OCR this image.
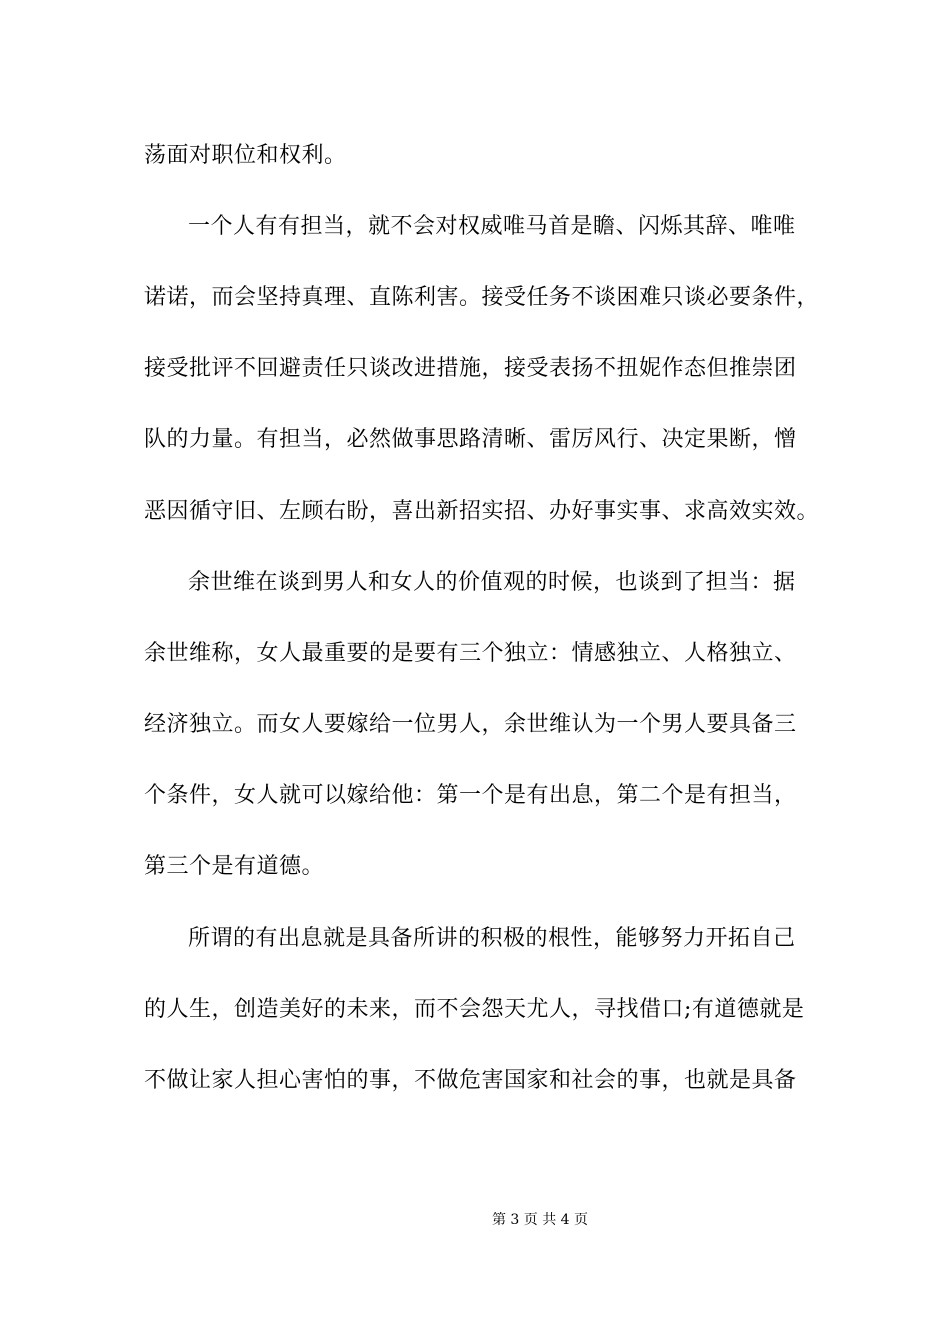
荡面对职位和权利。
一个人有有担当，就不会对权威唯马首是瞻、闪烁其辞、唯唯
诺诺，而会坚持真理、直陈利害。接受任务不谈困难只谈必要条件，
接受批评不回避责任只谈改进措施，接受表扬不扭妮作态但推崇团
队的力量。有担当，必然做事思路清晰、雷厉风行、决定果断，憎
恶因循守旧、左顾右盼，喜出新招实招、办好事实事、求高效实效。
余世维在谈到男人和女人的价值观的时候，也谈到了担当：据
余世维称，女人最重要的是要有三个独立：情感独立、人格独立、
经济独立。而女人要嫁给一位男人，余世维认为一个男人要具备三
个条件，女人就可以嫁给他：第一个是有出息，第二个是有担当，
第三个是有道德。
所谓的有出息就是具备所讲的积极的根性，能够努力开拓自己
的人生，创造美好的未来，而不会怨天尤人，寻找借口;有道德就是
不做让家人担心害怕的事，不做危害国家和社会的事，也就是具备
第 3 页 共 4 页
